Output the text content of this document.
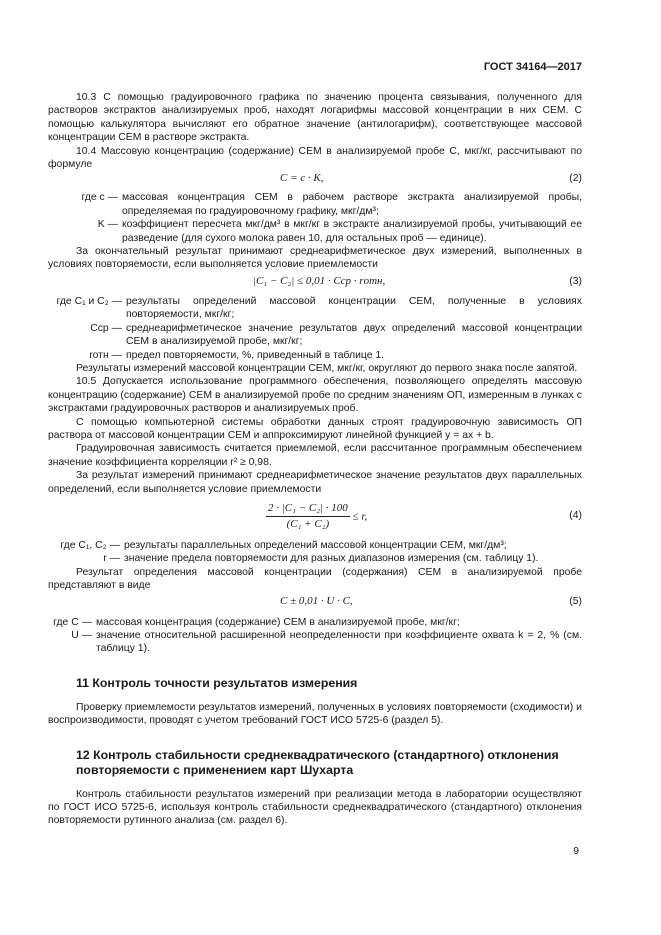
ГОСТ 34164—2017

10.3 С помощью градуировочного графика по значению процента связывания, полученного для растворов экстрактов анализируемых проб, находят логарифмы массовой концентрации в них СЕМ. С помощью калькулятора вычисляют его обратное значение (антилогарифм), соответствующее массовой концентрации СЕМ в растворе экстракта.

10.4 Массовую концентрацию (содержание) СЕМ в анализируемой пробе С, мкг/кг, рассчитывают по формуле

C = c · K,	(2)
где c — массовая концентрация СЕМ в рабочем растворе экстракта анализируемой пробы, определяемая по градуировочному графику, мкг/дм³;
K — коэффициент пересчета мкг/дм³ в мкг/кг в экстракте анализируемой пробы, учитывающий ее разведение (для сухого молока равен 10, для остальных проб — единице).

За окончательный результат принимают среднеарифметическое двух измерений, выполненных в условиях повторяемости, если выполняется условие приемлемости

|C₁ − C₂| ≤ 0,01 · Cср · rотн,	(3)
где C₁ и C₂ — результаты определений массовой концентрации СЕМ, полученные в условиях повторяемости, мкг/кг;
Cср — среднеарифметическое значение результатов двух определений массовой концентрации СЕМ в анализируемой пробе, мкг/кг;
rотн — предел повторяемости, %, приведенный в таблице 1.

Результаты измерений массовой концентрации СЕМ, мкг/кг, округляют до первого знака после запятой.

10.5 Допускается использование программного обеспечения, позволяющего определять массовую концентрацию (содержание) СЕМ в анализируемой пробе по средним значениям ОП, измеренным в лунках с экстрактами градуировочных растворов и анализируемых проб.

С помощью компьютерной системы обработки данных строят градуировочную зависимость ОП раствора от массовой концентрации СЕМ и аппроксимируют линейной функцией y = ax + b.

Градуировочная зависимость считается приемлемой, если рассчитанное программным обеспечением значение коэффициента корреляции r² ≥ 0,98.

За результат измерений принимают среднеарифметическое значение результатов двух параллельных определений, если выполняется условие приемлемости

$\frac{\text{2 · |C₁ − C₂| · 100}}{\text{(C₁ + C₂)}} \le r$,	(4)
где C₁, C₂ — результаты параллельных определений массовой концентрации СЕМ, мкг/дм³;
r — значение предела повторяемости для разных диапазонов измерения (см. таблицу 1).

Результат определения массовой концентрации (содержания) СЕМ в анализируемой пробе представляют в виде

C ± 0,01 · U · C,	(5)
где C — массовая концентрация (содержание) СЕМ в анализируемой пробе, мкг/кг;
U — значение относительной расширенной неопределенности при коэффициенте охвата k = 2, % (см. таблицу 1).
11 Контроль точности результатов измерения

Проверку приемлемости результатов измерений, полученных в условиях повторяемости (сходимости) и воспроизводимости, проводят с учетом требований ГОСТ ИСО 5725-6 (раздел 5).

12 Контроль стабильности среднеквадратического (стандартного) отклонения повторяемости с применением карт Шухарта

Контроль стабильности результатов измерений при реализации метода в лаборатории осуществляют по ГОСТ ИСО 5725-6, используя контроль стабильности среднеквадратического (стандартного) отклонения повторяемости рутинного анализа (см. раздел 6).

9
